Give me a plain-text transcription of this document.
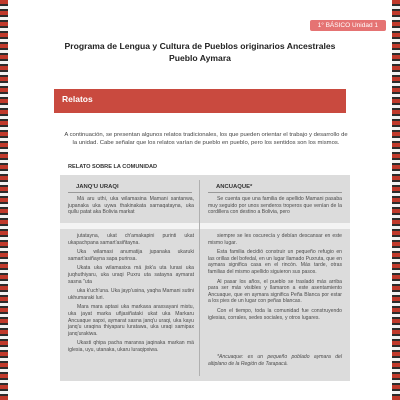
1° BÁSICO Unidad 1
Programa de Lengua y Cultura de Pueblos originarios Ancestrales
Pueblo Aymara
Relatos
A continuación, se presentan algunos relatos tradicionales, los que pueden orientar el trabajo y desarrollo de la unidad. Cabe señalar que los relatos varían de pueblo en pueblo, pero los sentidos son los mismos.
RELATO SOBRE LA COMUNIDAD
JANQ'U URAQI

Mä aru uthi, uka wilamasina Mamani santanwa, jupanaka uka uywa thakinakata sarnaqatayna, uka qullu patat aka Bolivia markat

jutatayna, ukat ch'amakapini purinti ukat ukapachpana samart'asiñtayna.

Uka wilamasi anumatija jupanaka ukaruki samart'asiñayna sapa purinsa.

Ukata uka wilamasixa mä jisk'a uta lurasi uka juqhuthiyaru, uka uraqi Puxru uta satayna aymarat sasna "uta

uka k'uch'una. Uka jayp'usina, yaqha Mamani sutini ukhumaraki luri.

Mara mara aptasi uka markaxa araxsayani mistu, uka jayat marka uñjasiñataki ukat uka Markaru Ancuaque sapxi, aymarat sasna janq'u uraqi, uka kayu janq'u uraqina thiyaparu luratawa, uka uraqi samipax janq'urakiwa.

Ukasti qhipa pacha maranxa jaqinaka markan mä iglesia, uyu, utanaka, ukaru luraqipxiwa.

ANCUAQUE*

Se cuenta que una familia de apellido Mamani pasaba muy seguido por unos senderos troperos que venían de la cordillera con destino a Bolivia, pero

siempre se les oscurecía y debían descansar en este mismo lugar.

Esta familia decidió construir un pequeño refugio en las orillas del bofedal, en un lugar llamado Puxruta, que en aymara significa casa en el rincón. Más tarde, otras familias del mismo apellido siguieron sus pasos.

Al pasar los años, el pueblo se trasladó más arriba para ser más visibles y llamaron a este asentamiento Ancuaque, que en aymara significa Peña Blanca por estar a los pies de un lugar con peñas blancas.

Con el tiempo, toda la comunidad fue construyendo iglesias, corrales, sedes sociales, y otros lugares.

*Ancuaque: es un pequeño poblado aymara del altiplano de la Región de Tarapacá.
